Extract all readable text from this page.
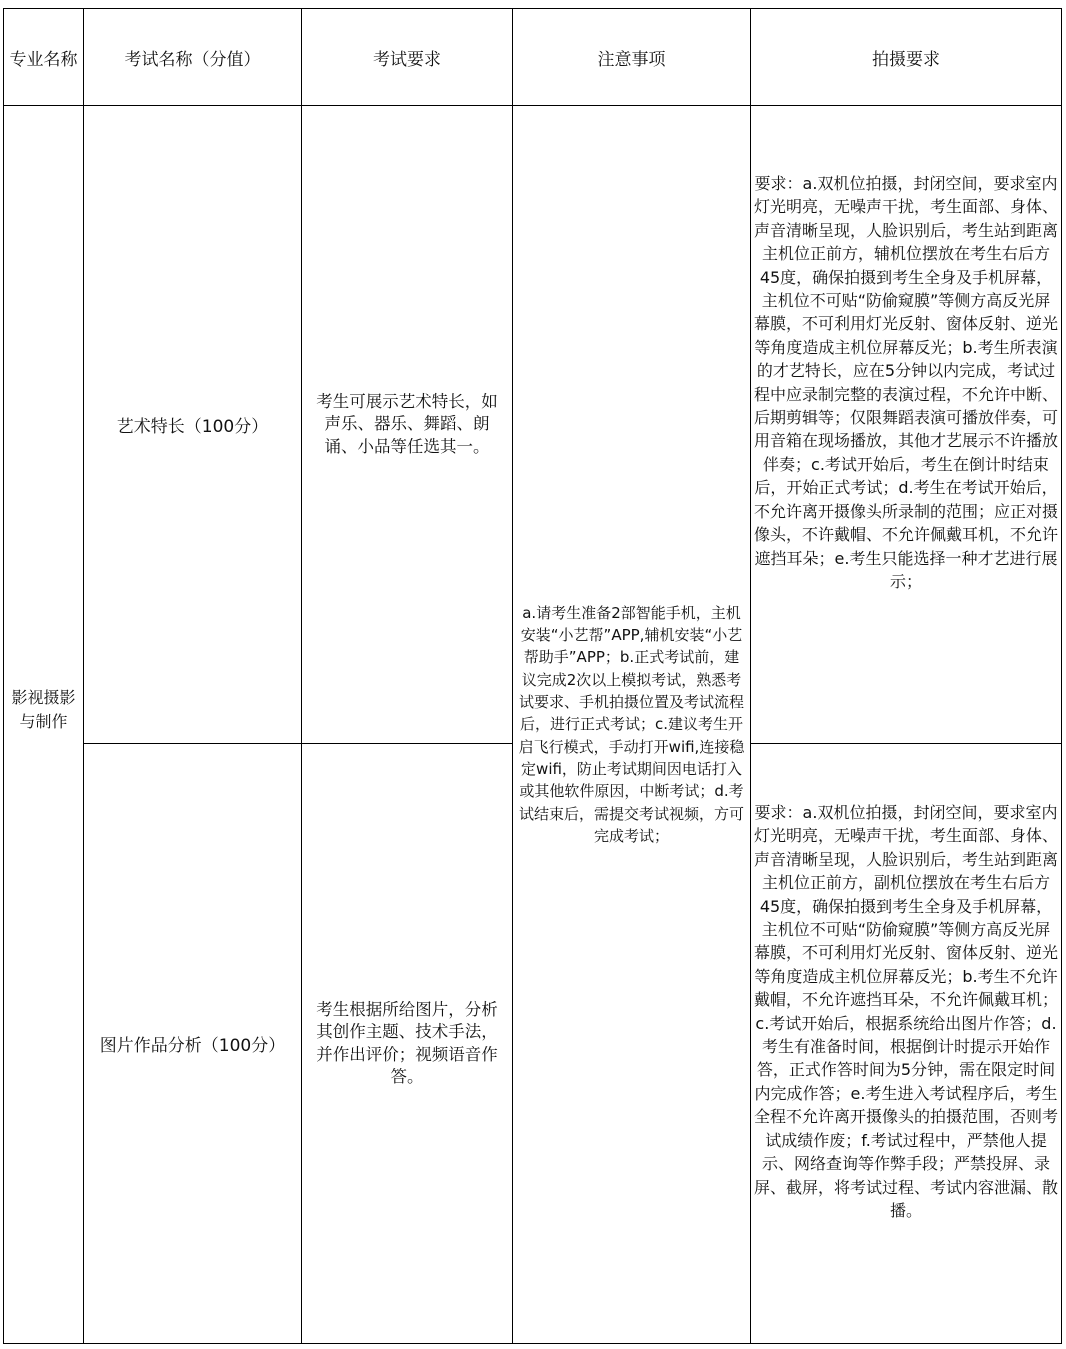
专业名称	考试名称（分值）	考试要求	注意事项	拍摄要求
影视摄影与制作	艺术特长（100分）	考生可展示艺术特长，如声乐、器乐、舞蹈、朗诵、小品等任选其一。	a.请考生准备2部智能手机，主机安装“小艺帮”APP,辅机安装“小艺帮助手”APP；b.正式考试前，建议完成2次以上模拟考试，熟悉考试要求、手机拍摄位置及考试流程后，进行正式考试；c.建议考生开启飞行模式，手动打开wifi,连接稳定wifi，防止考试期间因电话打入或其他软件原因，中断考试；d.考试结束后，需提交考试视频，方可完成考试；	要求：a.双机位拍摄，封闭空间，要求室内灯光明亮，无噪声干扰，考生面部、身体、声音清晰呈现，人脸识别后，考生站到距离主机位正前方，辅机位摆放在考生右后方45度，确保拍摄到考生全身及手机屏幕，主机位不可贴“防偷窥膜”等侧方高反光屏幕膜，不可利用灯光反射、窗体反射、逆光等角度造成主机位屏幕反光；b.考生所表演的才艺特长，应在5分钟以内完成，考试过程中应录制完整的表演过程，不允许中断、后期剪辑等；仅限舞蹈表演可播放伴奏，可用音箱在现场播放，其他才艺展示不许播放伴奏；c.考试开始后，考生在倒计时结束后，开始正式考试；d.考生在考试开始后，不允许离开摄像头所录制的范围；应正对摄像头，不许戴帽、不允许佩戴耳机，不允许遮挡耳朵；e.考生只能选择一种才艺进行展示；
	图片作品分析（100分）	考生根据所给图片，分析其创作主题、技术手法，并作出评价；视频语音作答。		要求：a.双机位拍摄，封闭空间，要求室内灯光明亮，无噪声干扰，考生面部、身体、声音清晰呈现，人脸识别后，考生站到距离主机位正前方，副机位摆放在考生右后方45度，确保拍摄到考生全身及手机屏幕，主机位不可贴“防偷窥膜”等侧方高反光屏幕膜，不可利用灯光反射、窗体反射、逆光等角度造成主机位屏幕反光；b.考生不允许戴帽，不允许遮挡耳朵，不允许佩戴耳机；c.考试开始后，根据系统给出图片作答；d.考生有准备时间，根据倒计时提示开始作答，正式作答时间为5分钟，需在限定时间内完成作答；e.考生进入考试程序后，考生全程不允许离开摄像头的拍摄范围，否则考试成绩作废；f.考试过程中，严禁他人提示、网络查询等作弊手段；严禁投屏、录屏、截屏，将考试过程、考试内容泄漏、散播。
